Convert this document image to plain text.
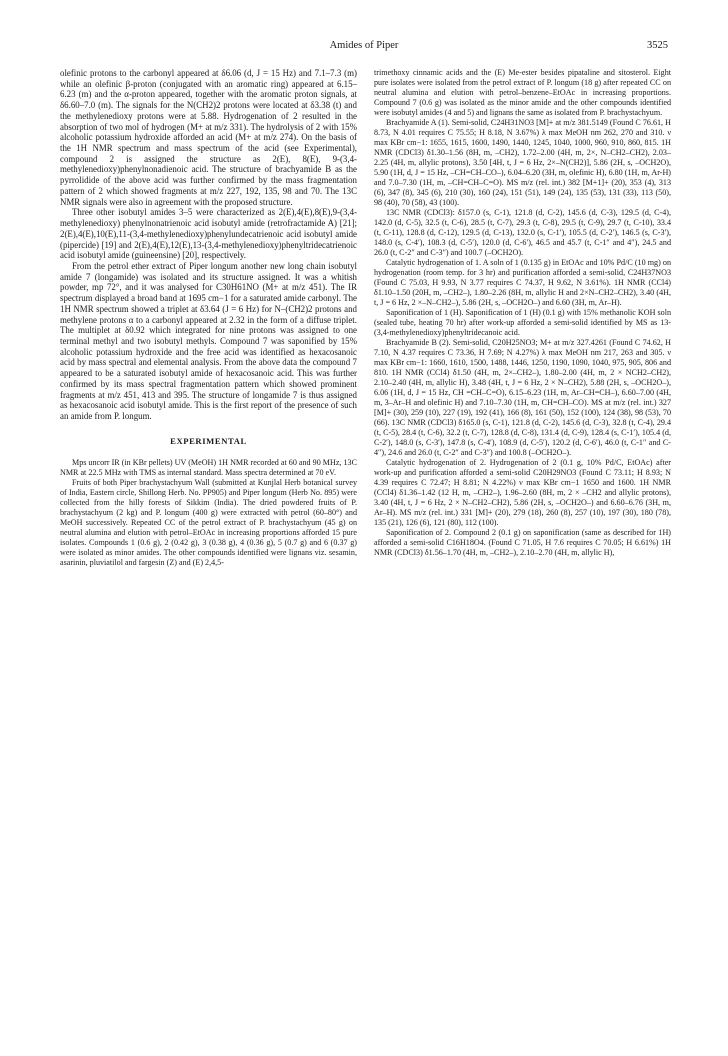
Amides of Piper	3525

olefinic protons to the carbonyl appeared at δ6.06 (d, J = 15 Hz) and 7.1–7.3 (m) while an olefinic β-proton (conjugated with an aromatic ring) appeared at 6.15–6.23 (m) and the α-proton appeared, together with the aromatic proton signals, at δ6.60–7.0 (m). The signals for the N(CH2)2 protons were located at δ3.38 (t) and the methylenedioxy protons were at 5.88. Hydrogenation of 2 resulted in the absorption of two mol of hydrogen (M+ at m/z 331). The hydrolysis of 2 with 15% alcoholic potassium hydroxide afforded an acid (M+ at m/z 274). On the basis of the 1H NMR spectrum and mass spectrum of the acid (see Experimental), compound 2 is assigned the structure as 2(E), 8(E), 9-(3,4-methylenedioxy)phenylnonadienoic acid. The structure of brachyamide B as the pyrrolidide of the above acid was further confirmed by the mass fragmentation pattern of 2 which showed fragments at m/z 227, 192, 135, 98 and 70. The 13C NMR signals were also in agreement with the proposed structure.

Three other isobutyl amides 3–5 were characterized as 2(E),4(E),8(E),9-(3,4-methylenedioxy) phenylnonatrienoic acid isobutyl amide (retrofractamide A) [21]; 2(E),4(E),10(E),11-(3,4-methylenedioxy)phenylundecatrienoic acid isobutyl amide (pipercide) [19] and 2(E),4(E),12(E),13-(3,4-methylenedioxy)phenyltridecatrienoic acid isobutyl amide (guineensine) [20], respectively.

From the petrol ether extract of Piper longum another new long chain isobutyl amide 7 (longamide) was isolated and its structure assigned. It was a whitish powder, mp 72°, and it was analysed for C30H61NO (M+ at m/z 451). The IR spectrum displayed a broad band at 1695 cm−1 for a saturated amide carbonyl. The 1H NMR spectrum showed a triplet at δ3.64 (J = 6 Hz) for N–(CH2)2 protons and methylene protons α to a carbonyl appeared at 2.32 in the form of a diffuse triplet. The multiplet at δ0.92 which integrated for nine protons was assigned to one terminal methyl and two isobutyl methyls. Compound 7 was saponified by 15% alcoholic potassium hydroxide and the free acid was identified as hexacosanoic acid by mass spectral and elemental analysis. From the above data the compound 7 appeared to be a saturated isobutyl amide of hexacosanoic acid. This was further confirmed by its mass spectral fragmentation pattern which showed prominent fragments at m/z 451, 413 and 395. The structure of longamide 7 is thus assigned as hexacosanoic acid isobutyl amide. This is the first report of the presence of such an amide from P. longum.

EXPERIMENTAL

Mps uncorr IR (in KBr pellets) UV (MeOH) 1H NMR recorded at 60 and 90 MHz, 13C NMR at 22.5 MHz with TMS as internal standard. Mass spectra determined at 70 eV.

Fruits of both Piper brachystachyum Wall (submitted at Kunjlal Herb botanical survey of India, Eastern circle, Shillong Herb. No. PP905) and Piper longum (Herb No. 895) were collected from the hilly forests of Sikkim (India). The dried powdered fruits of P. brachystachyum (2 kg) and P. longum (400 g) were extracted with petrol (60–80°) and MeOH successively. Repeated CC of the petrol extract of P. brachystachyum (45 g) on neutral alumina and elution with petrol–EtOAc in increasing proportions afforded 15 pure isolates. Compounds 1 (0.6 g), 2 (0.42 g), 3 (0.38 g), 4 (0.36 g), 5 (0.7 g) and 6 (0.37 g) were isolated as minor amides. The other compounds identified were lignans viz. sesamin, asarinin, pluviatilol and fargesin (Z) and (E) 2,4,5-

trimethoxy cinnamic acids and the (E) Me-ester besides pipataline and sitosterol. Eight pure isolates were isolated from the petrol extract of P. longum (18 g) after repeated CC on neutral alumina and elution with petrol–benzene–EtOAc in increasing proportions. Compound 7 (0.6 g) was isolated as the minor amide and the other compounds identified were isobutyl amides (4 and 5) and lignans the same as isolated from P. brachystachyum.

Brachyamide A (1). Semi-solid, C24H31NO3 [M]+ at m/z 381.5149 (Found C 76.61, H 8.73, N 4.01 requires C 75.55; H 8.18, N 3.67%) λ max MeOH nm 262, 270 and 310. ν max KBr cm−1: 1655, 1615, 1600, 1490, 1440, 1245, 1040, 1000, 960, 910, 860, 815. 1H NMR (CDCl3) δ1.30–1.56 (8H, m, –CH2), 1.72–2.00 (4H, m, 2×, N–CH2–CH2), 2.03–2.25 (4H, m, allylic protons), 3.50 [4H, t, J = 6 Hz, 2×–N(CH2)], 5.86 (2H, s, –OCH2O), 5.90 (1H, d, J = 15 Hz, –CH=CH–CO–), 6.04–6.20 (3H, m, olefinic H), 6.80 (1H, m, Ar-H) and 7.0–7.30 (1H, m, –CH=CH–C=O). MS m/z (rel. int.) 382 [M+1]+ (20), 353 (4), 313 (6), 347 (8), 345 (6), 210 (30), 160 (24), 151 (51), 149 (24), 135 (53), 131 (33), 113 (50), 98 (40), 70 (58), 43 (100).

13C NMR (CDCl3): δ157.0 (s, C-1), 121.8 (d, C-2), 145.6 (d, C-3), 129.5 (d, C-4), 142.0 (d, C-5), 32.5 (t, C-6), 28.5 (t, C-7), 29.3 (t, C-8), 29.5 (t, C-9), 29.7 (t, C-10), 33.4 (t, C-11), 128.8 (d, C-12), 129.5 (d, C-13), 132.0 (s, C-1′), 105.5 (d, C-2′), 146.5 (s, C-3′), 148.0 (s, C-4′), 108.3 (d, C-5′), 120.0 (d, C-6′), 46.5 and 45.7 (t, C-1″ and 4″), 24.5 and 26.0 (t, C-2″ and C-3″) and 100.7 (–OCH2O).

Catalytic hydrogenation of 1. A soln of 1 (0.135 g) in EtOAc and 10% Pd/C (10 mg) on hydrogenation (room temp. for 3 hr) and purification afforded a semi-solid, C24H37NO3 (Found C 75.03, H 9.93, N 3.77 requires C 74.37, H 9.62, N 3.61%). 1H NMR (CCl4) δ1.10–1.50 (20H, m, –CH2–), 1.80–2.26 (8H, m, allylic H and 2×N–CH2–CH2), 3.40 (4H, t, J = 6 Hz, 2 ×–N–CH2–), 5.86 (2H, s, –OCH2O–) and 6.60 (3H, m, Ar–H).

Saponification of 1 (H). Saponification of 1 (H) (0.1 g) with 15% methanolic KOH soln (sealed tube, heating 70 hr) after work-up afforded a semi-solid identified by MS as 13-(3,4-methylenedioxy)phenyltridecanoic acid.

Brachyamide B (2). Semi-solid, C20H25NO3; M+ at m/z 327.4261 (Found C 74.62, H 7.10, N 4.37 requires C 73.36, H 7.69; N 4.27%) λ max MeOH nm 217, 263 and 305. ν max KBr cm−1: 1660, 1610, 1500, 1488, 1446, 1250, 1190, 1090, 1040, 975, 905, 806 and 810. 1H NMR (CCl4) δ1.50 (4H, m, 2×–CH2–), 1.80–2.00 (4H, m, 2 × NCH2–CH2), 2.10–2.40 (4H, m, allylic H), 3.48 (4H, t, J = 6 Hz, 2 × N–CH2), 5.88 (2H, s, –OCH2O–), 6.06 (1H, d, J = 15 Hz, CH =CH–C=O), 6.15–6.23 (1H, m, Ar–CH=CH–), 6.60–7.00 (4H, m, 3–Ar–H and olefinic H) and 7.10–7.30 (1H, m, CH=CH–CO). MS at m/z (rel. int.) 327 [M]+ (30), 259 (10), 227 (19), 192 (41), 166 (8), 161 (50), 152 (100), 124 (38), 98 (53), 70 (66). 13C NMR (CDCl3) δ165.0 (s, C-1), 121.8 (d, C-2), 145.6 (d, C-3), 32.8 (t, C-4), 29.4 (t, C-5), 28.4 (t, C-6), 32.2 (t, C-7), 128.8 (d, C-8), 131.4 (d, C-9), 128.4 (s, C-1′), 105.4 (d, C-2′), 148.0 (s, C-3′), 147.8 (s, C-4′), 108.9 (d, C-5′), 120.2 (d, C-6′), 46.0 (t, C-1″ and C-4″), 24.6 and 26.0 (t, C-2″ and C-3″) and 100.8 (–OCH2O–).

Catalytic hydrogenation of 2. Hydrogenation of 2 (0.1 g, 10% Pd/C, EtOAc) after work-up and purification afforded a semi-solid C20H29NO3 (Found C 73.11; H 8.93; N 4.39 requires C 72.47; H 8.81; N 4.22%) ν max KBr cm−1 1650 and 1600. 1H NMR (CCl4) δ1.36–1.42 (12 H, m, –CH2–), 1.96–2.60 (8H, m, 2 × –CH2 and allylic protons), 3.40 (4H, t, J = 6 Hz, 2 × N–CH2–CH2), 5.86 (2H, s, –OCH2O–) and 6.60–6.76 (3H, m, Ar–H). MS m/z (rel. int.) 331 [M]+ (20), 279 (18), 260 (8), 257 (10), 197 (30), 180 (78), 135 (21), 126 (6), 121 (80), 112 (100).

Saponification of 2. Compound 2 (0.1 g) on saponification (same as described for 1H) afforded a semi-solid C16H18O4. (Found C 71.05, H 7.6 requires C 70.05; H 6.61%) 1H NMR (CDCl3) δ1.56–1.70 (4H, m, –CH2–), 2.10–2.70 (4H, m, allylic H),
